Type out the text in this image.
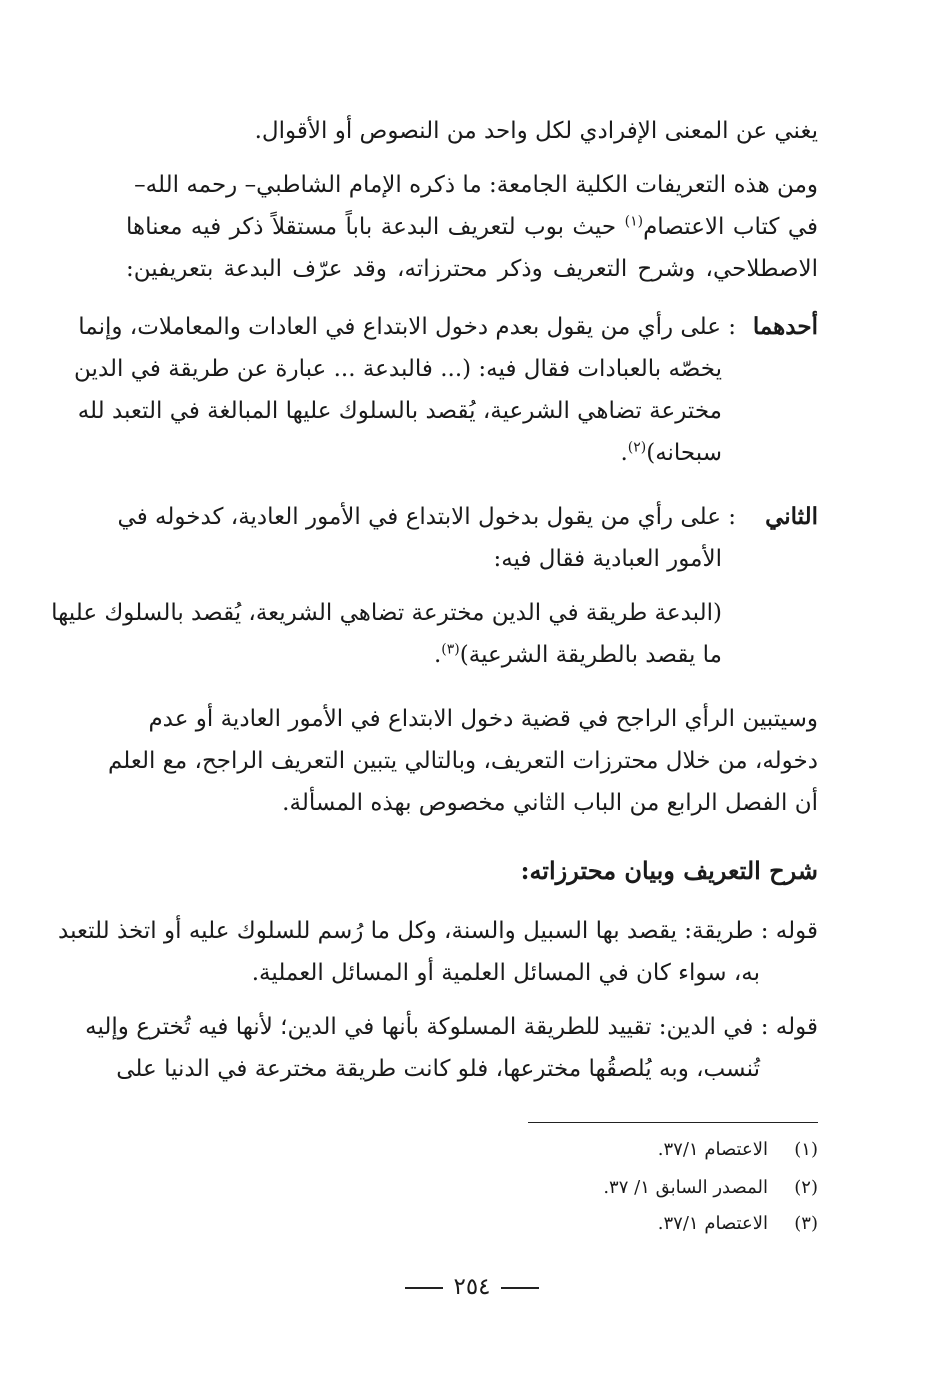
يغني عن المعنى الإفرادي لكل واحد من النصوص أو الأقوال.
ومن هذه التعريفات الكلية الجامعة: ما ذكره الإمام الشاطبي– رحمه الله–
في كتاب الاعتصام$^{(١)}$ حيث بوب لتعريف البدعة باباً مستقلاً ذكر فيه معناها
الاصطلاحي، وشرح التعريف وذكر محترزاته، وقد عرّف البدعة بتعريفين:
أحدهما
: على رأي من يقول بعدم دخول الابتداع في العادات والمعاملات، وإنما
يخصّه بالعبادات فقال فيه: (... فالبدعة ... عبارة عن طريقة في الدين
مخترعة تضاهي الشرعية، يُقصد بالسلوك عليها المبالغة في التعبد لله
سبحانه)$^{(٢)}$.
الثاني
: على رأي من يقول بدخول الابتداع في الأمور العادية، كدخوله في
الأمور العبادية فقال فيه:
(البدعة طريقة في الدين مخترعة تضاهي الشريعة، يُقصد بالسلوك عليها
ما يقصد بالطريقة الشرعية)$^{(٣)}$.
وسيتبين الرأي الراجح في قضية دخول الابتداع في الأمور العادية أو عدم
دخوله، من خلال محترزات التعريف، وبالتالي يتبين التعريف الراجح، مع العلم
أن الفصل الرابع من الباب الثاني مخصوص بهذه المسألة.
شرح التعريف وبيان محترزاته:
قوله : طريقة: يقصد بها السبيل والسنة، وكل ما رُسم للسلوك عليه أو اتخذ للتعبد
به، سواء كان في المسائل العلمية أو المسائل العملية.
قوله : في الدين: تقييد للطريقة المسلوكة بأنها في الدين؛ لأنها فيه تُخترع وإليه
تُنسب، وبه يُلصقُها مخترعها، فلو كانت طريقة مخترعة في الدنيا على
(١)الاعتصام ٣٧/١.
(٢)المصدر السابق ١/ ٣٧.
(٣)الاعتصام ٣٧/١.
٢٥٤
